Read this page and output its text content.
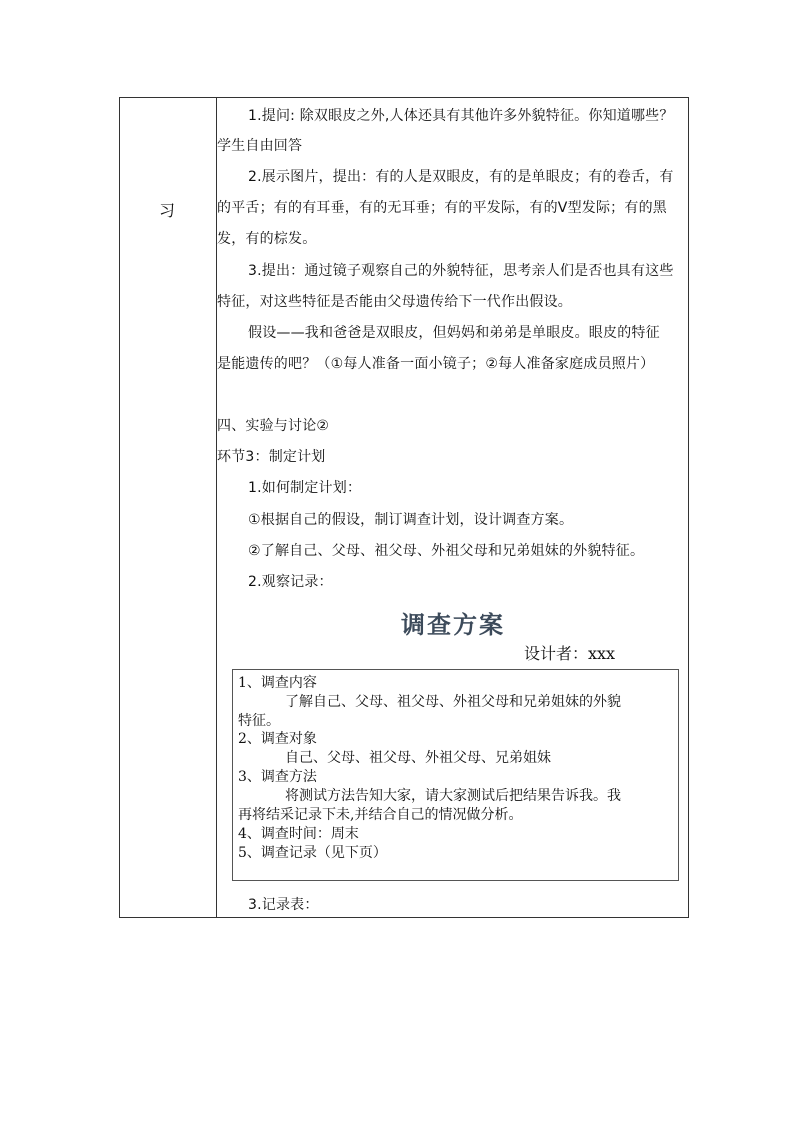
习
1.提问: 除双眼皮之外,人体还具有其他许多外貌特征。你知道哪些？
学生自由回答
2.展示图片，提出：有的人是双眼皮，有的是单眼皮；有的卷舌，有
的平舌；有的有耳垂，有的无耳垂；有的平发际，有的V型发际；有的黑
发，有的棕发。
3.提出：通过镜子观察自己的外貌特征，思考亲人们是否也具有这些
特征，对这些特征是否能由父母遗传给下一代作出假设。
假设——我和爸爸是双眼皮，但妈妈和弟弟是单眼皮。眼皮的特征
是能遗传的吧？（①每人准备一面小镜子；②每人准备家庭成员照片）
四、实验与讨论②
环节3：制定计划
1.如何制定计划：
①根据自己的假设，制订调查计划，设计调查方案。
②了解自己、父母、祖父母、外祖父母和兄弟姐妹的外貌特征。
2.观察记录：
调查方案
设计者：xxx
1、调查内容
了解自己、父母、祖父母、外祖父母和兄弟姐妹的外貌
特征。
2、调查对象
自己、父母、祖父母、外祖父母、兄弟姐妹
3、调查方法
将测试方法告知大家，请大家测试后把结果告诉我。我
再将结采记录下未,并结合自己的情况做分析。
4、调查时间：周末
5、调查记录（见下页）
3.记录表：
